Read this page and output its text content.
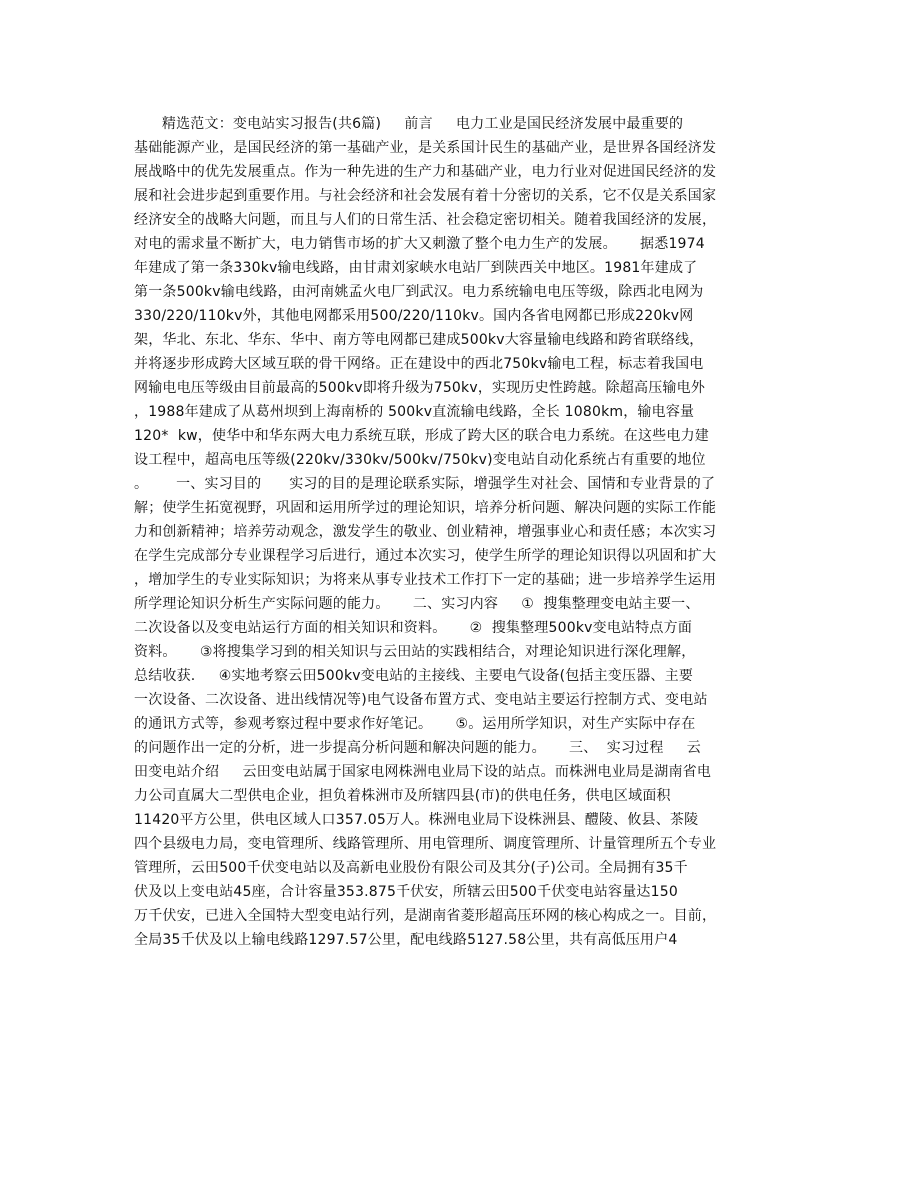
精选范文：变电站实习报告(共6篇)     前言     电力工业是国民经济发展中最重要的
基础能源产业，是国民经济的第一基础产业，是关系国计民生的基础产业，是世界各国经济发
展战略中的优先发展重点。作为一种先进的生产力和基础产业，电力行业对促进国民经济的发
展和社会进步起到重要作用。与社会经济和社会发展有着十分密切的关系，它不仅是关系国家
经济安全的战略大问题，而且与人们的日常生活、社会稳定密切相关。随着我国经济的发展，
对电的需求量不断扩大，电力销售市场的扩大又刺激了整个电力生产的发展。     据悉1974
年建成了第一条330kv输电线路，由甘肃刘家峡水电站厂到陕西关中地区。1981年建成了
第一条500kv输电线路，由河南姚孟火电厂到武汉。电力系统输电电压等级，除西北电网为
330/220/110kv外，其他电网都采用500/220/110kv。国内各省电网都已形成220kv网
架，华北、东北、华东、华中、南方等电网都已建成500kv大容量输电线路和跨省联络线，
并将逐步形成跨大区域互联的骨干网络。正在建设中的西北750kv输电工程，标志着我国电
网输电电压等级由目前最高的500kv即将升级为750kv，实现历史性跨越。除超高压输电外
，1988年建成了从葛州坝到上海南桥的 500kv直流输电线路，全长 1080km，输电容量
120*  kw，使华中和华东两大电力系统互联，形成了跨大区的联合电力系统。在这些电力建
设工程中，超高电压等级(220kv/330kv/500kv/750kv)变电站自动化系统占有重要的地位
。      一、实习目的      实习的目的是理论联系实际，增强学生对社会、国情和专业背景的了
解；使学生拓宽视野，巩固和运用所学过的理论知识，培养分析问题、解决问题的实际工作能
力和创新精神；培养劳动观念，激发学生的敬业、创业精神，增强事业心和责任感；本次实习
在学生完成部分专业课程学习后进行，通过本次实习，使学生所学的理论知识得以巩固和扩大
，增加学生的专业实际知识；为将来从事专业技术工作打下一定的基础；进一步培养学生运用
所学理论知识分析生产实际问题的能力。     二、实习内容     ①  搜集整理变电站主要一、
二次设备以及变电站运行方面的相关知识和资料。     ②  搜集整理500kv变电站特点方面
资料。     ③将搜集学习到的相关知识与云田站的实践相结合，对理论知识进行深化理解，
总结收获.     ④实地考察云田500kv变电站的主接线、主要电气设备(包括主变压器、主要
一次设备、二次设备、进出线情况等)电气设备布置方式、变电站主要运行控制方式、变电站
的通讯方式等，参观考察过程中要求作好笔记。     ⑤。运用所学知识，对生产实际中存在
的问题作出一定的分析，进一步提高分析问题和解决问题的能力。     三、  实习过程     云
田变电站介绍     云田变电站属于国家电网株洲电业局下设的站点。而株洲电业局是湖南省电
力公司直属大二型供电企业，担负着株洲市及所辖四县(市)的供电任务，供电区域面积
11420平方公里，供电区域人口357.05万人。株洲电业局下设株洲县、醴陵、攸县、茶陵
四个县级电力局，变电管理所、线路管理所、用电管理所、调度管理所、计量管理所五个专业
管理所，云田500千伏变电站以及高新电业股份有限公司及其分(子)公司。全局拥有35千
伏及以上变电站45座，合计容量353.875千伏安，所辖云田500千伏变电站容量达150
万千伏安，已进入全国特大型变电站行列，是湖南省菱形超高压环网的核心构成之一。目前，
全局35千伏及以上输电线路1297.57公里，配电线路5127.58公里，共有高低压用户4
